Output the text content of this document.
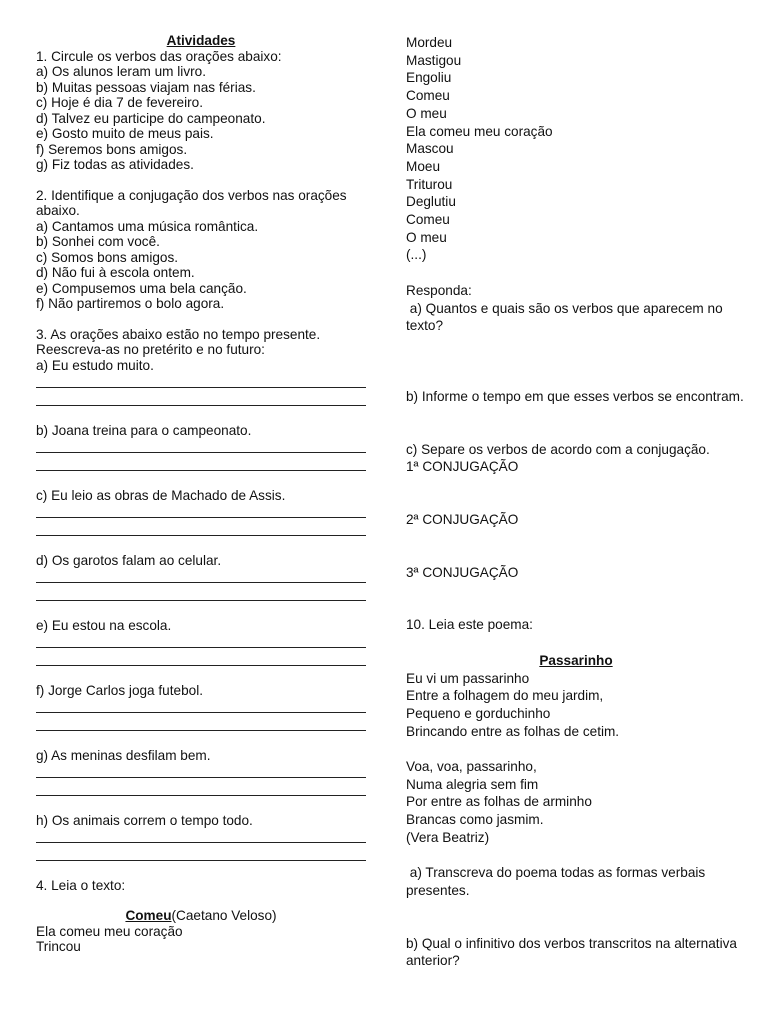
Atividades
1. Circule os verbos das orações abaixo:
a) Os alunos leram um livro.
b) Muitas pessoas viajam nas férias.
c) Hoje é dia 7 de fevereiro.
d) Talvez eu participe do campeonato.
e) Gosto muito de meus pais.
f) Seremos bons amigos.
g) Fiz todas as atividades.
2. Identifique a conjugação dos verbos nas orações abaixo.
a) Cantamos uma música romântica.
b) Sonhei com você.
c) Somos bons amigos.
d) Não fui à escola ontem.
e) Compusemos uma bela canção.
f) Não partiremos o bolo agora.
3. As orações abaixo estão no tempo presente.
Reescreva-as no pretérito e no futuro:
a) Eu estudo muito.
b) Joana treina para o campeonato.
c) Eu leio as obras de Machado de Assis.
d) Os garotos falam ao celular.
e) Eu estou na escola.
f) Jorge Carlos joga futebol.
g) As meninas desfilam bem.
h) Os animais correm o tempo todo.
4. Leia o texto:
Comeu(Caetano Veloso)
Ela comeu meu coração
Trincou
Mordeu
Mastigou
Engoliu
Comeu
O meu
Ela comeu meu coração
Mascou
Moeu
Triturou
Deglutiu
Comeu
O meu
(...)
Responda:
a) Quantos e quais são os verbos que aparecem no texto?
b) Informe o tempo em que esses verbos se encontram.
c) Separe os verbos de acordo com a conjugação.
1ª CONJUGAÇÃO
2ª CONJUGAÇÃO
3ª CONJUGAÇÃO
10. Leia este poema:
Passarinho
Eu vi um passarinho
Entre a folhagem do meu jardim,
Pequeno e gorduchinho
Brincando entre as folhas de cetim.
Voa, voa, passarinho,
Numa alegria sem fim
Por entre as folhas de arminho
Brancas como jasmim.
(Vera Beatriz)
a) Transcreva do poema todas as formas verbais presentes.
b) Qual o infinitivo dos verbos transcritos na alternativa anterior?
